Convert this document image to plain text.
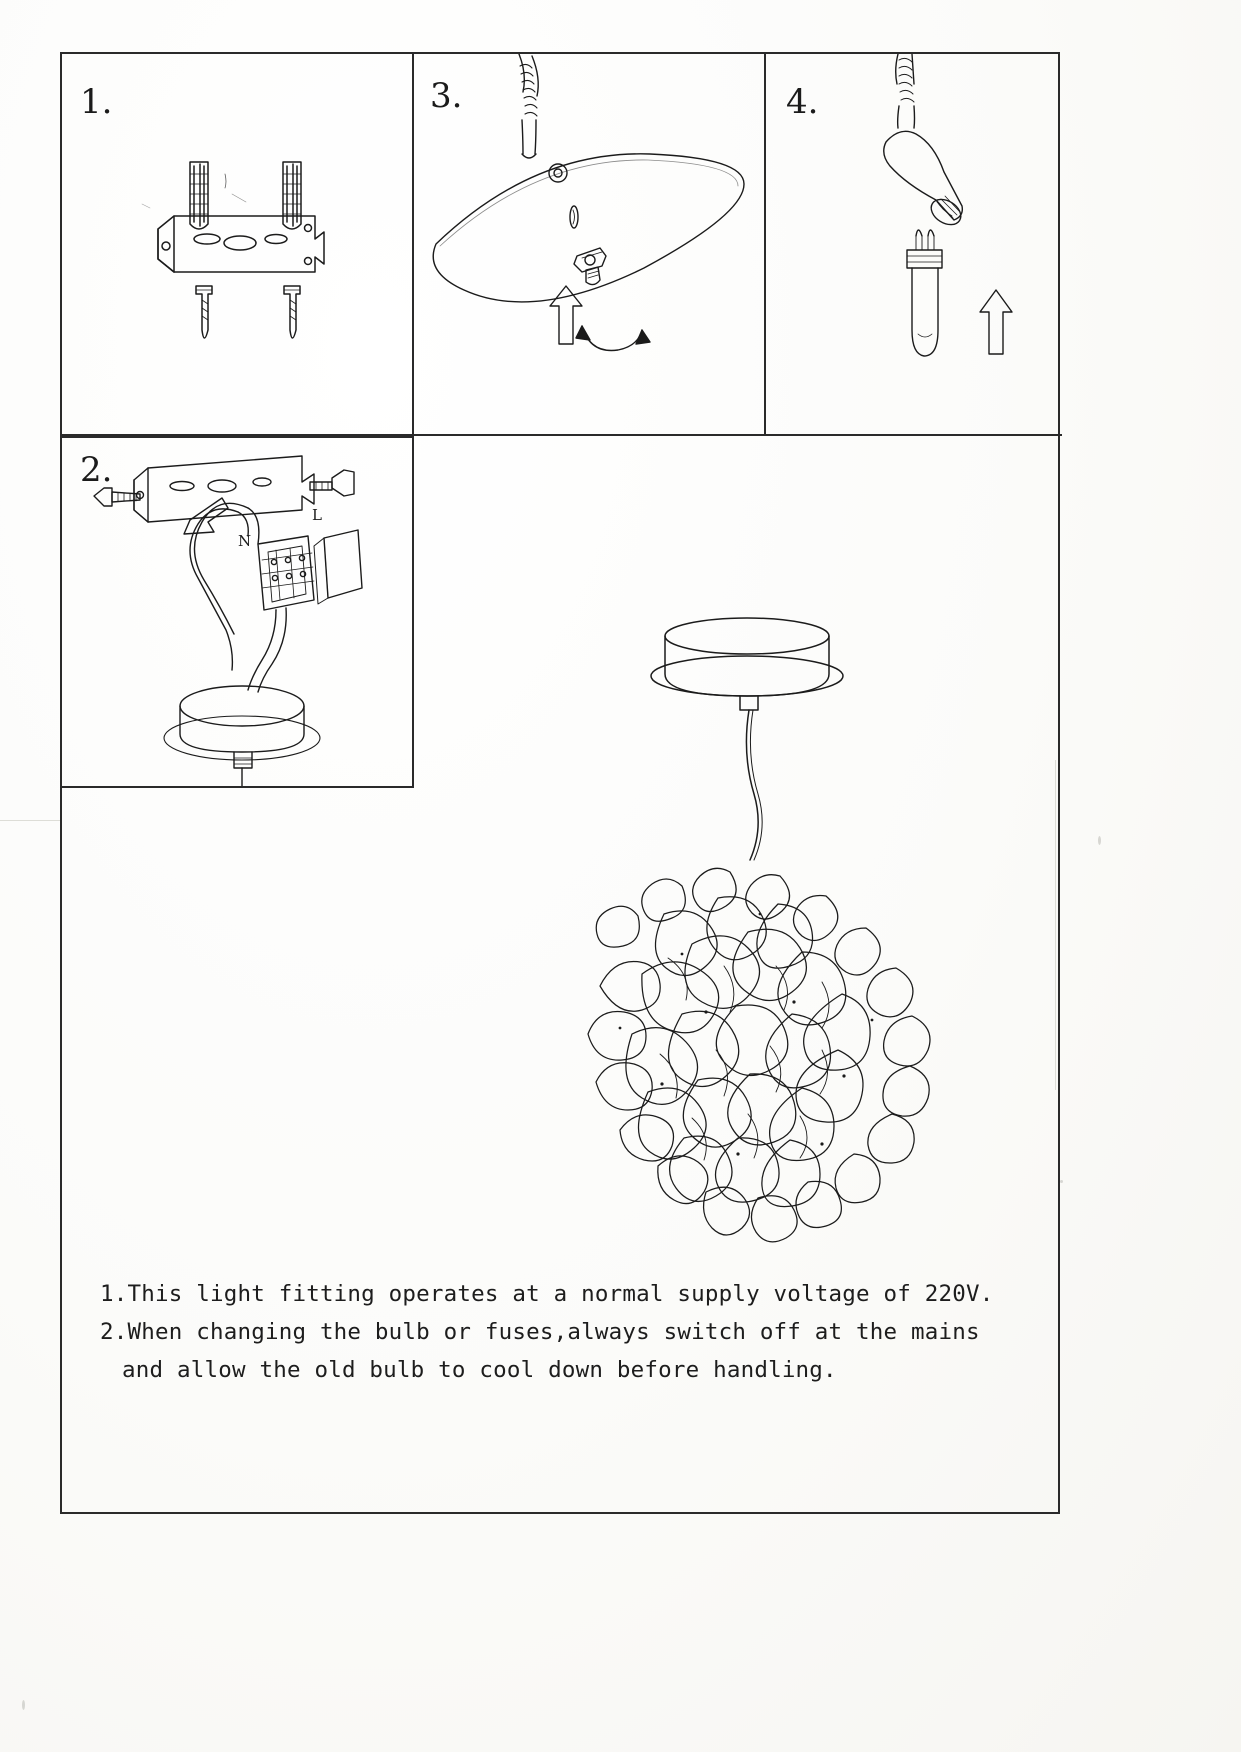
1.	3.	4.
2.
N
L
1.This light fitting operates at a normal supply voltage of 220V.
2.When changing the bulb or fuses,always switch off at the mains
and allow the old bulb to cool down before handling.
